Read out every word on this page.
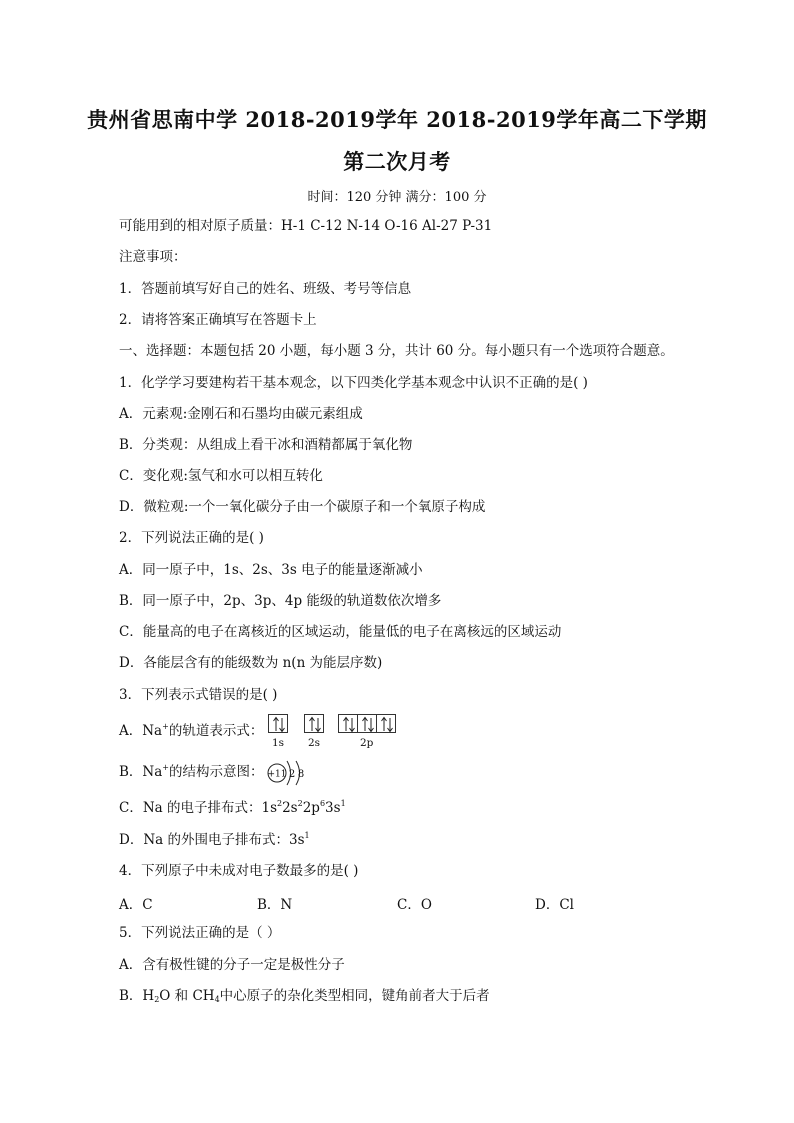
贵州省思南中学 2018-2019学年 2018-2019学年高二下学期
第二次月考
时间：120 分钟 满分：100 分
可能用到的相对原子质量：H-1 C-12 N-14 O-16 Al-27 P-31
注意事项：
1．答题前填写好自己的姓名、班级、考号等信息
2．请将答案正确填写在答题卡上
一、选择题：本题包括 20 小题，每小题 3 分，共计 60 分。每小题只有一个选项符合题意。
1．化学学习要建构若干基本观念，以下四类化学基本观念中认识不正确的是( )
A．元素观:金刚石和石墨均由碳元素组成
B．分类观：从组成上看干冰和酒精都属于氧化物
C．变化观:氢气和水可以相互转化
D．微粒观:一个一氧化碳分子由一个碳原子和一个氧原子构成
2．下列说法正确的是( )
A．同一原子中，1s、2s、3s 电子的能量逐渐减小
B．同一原子中，2p、3p、4p 能级的轨道数依次增多
C．能量高的电子在离核近的区域运动，能量低的电子在离核远的区域运动
D．各能层含有的能级数为 n(n 为能层序数)
3．下列表示式错误的是( )
A．Na+的轨道表示式：
1s 2s	2p
B．Na+的结构示意图： +11 2 8
C．Na 的电子排布式：$1s^22s^22p^63s^1$
D．Na 的外围电子排布式：$3s^1$
4．下列原子中未成对电子数最多的是( )
A．C	B．N	C．O	D．Cl
5．下列说法正确的是（ ）
A．含有极性键的分子一定是极性分子
B．$H_2O$ 和 $CH_4$中心原子的杂化类型相同，键角前者大于后者
